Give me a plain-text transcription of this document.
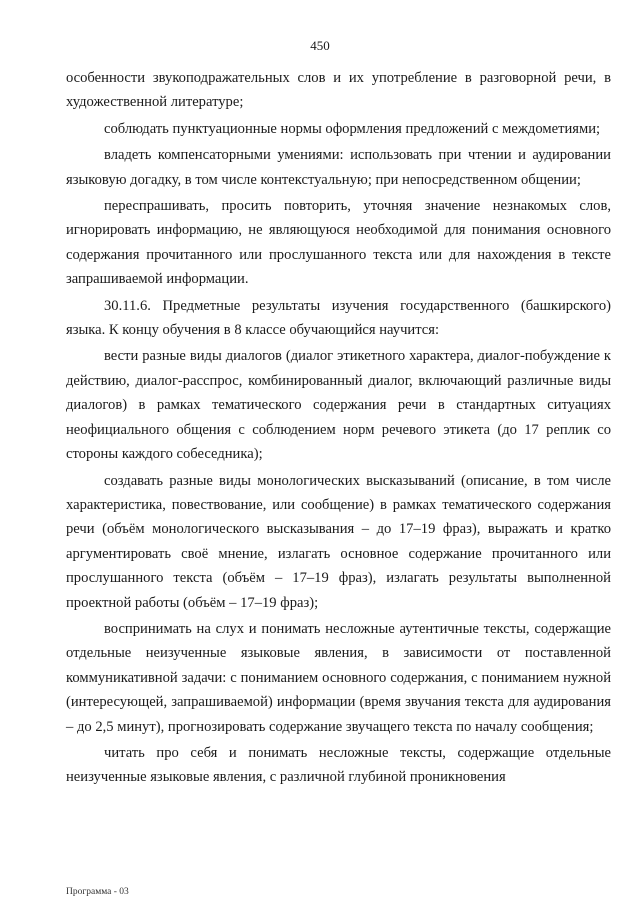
450

особенности звукоподражательных слов и их употребление в разговорной речи, в художественной литературе;

соблюдать пунктуационные нормы оформления предложений с междометиями;

владеть компенсаторными умениями: использовать при чтении и аудировании языковую догадку, в том числе контекстуальную; при непосредственном общении;

переспрашивать, просить повторить, уточняя значение незнакомых слов, игнорировать информацию, не являющуюся необходимой для понимания основного содержания прочитанного или прослушанного текста или для нахождения в тексте запрашиваемой информации.

30.11.6. Предметные результаты изучения государственного (башкирского) языка. К концу обучения в 8 классе обучающийся научится:

вести разные виды диалогов (диалог этикетного характера, диалог-побуждение к действию, диалог-расспрос, комбинированный диалог, включающий различные виды диалогов) в рамках тематического содержания речи в стандартных ситуациях неофициального общения с соблюдением норм речевого этикета (до 17 реплик со стороны каждого собеседника);

создавать разные виды монологических высказываний (описание, в том числе характеристика, повествование, или сообщение) в рамках тематического содержания речи (объём монологического высказывания – до 17–19 фраз), выражать и кратко аргументировать своё мнение, излагать основное содержание прочитанного или прослушанного текста (объём – 17–19 фраз), излагать результаты выполненной проектной работы (объём – 17–19 фраз);

воспринимать на слух и понимать несложные аутентичные тексты, содержащие отдельные неизученные языковые явления, в зависимости от поставленной коммуникативной задачи: с пониманием основного содержания, с пониманием нужной (интересующей, запрашиваемой) информации (время звучания текста для аудирования – до 2,5 минут), прогнозировать содержание звучащего текста по началу сообщения;

читать про себя и понимать несложные тексты, содержащие отдельные неизученные языковые явления, с различной глубиной проникновения

Программа - 03
